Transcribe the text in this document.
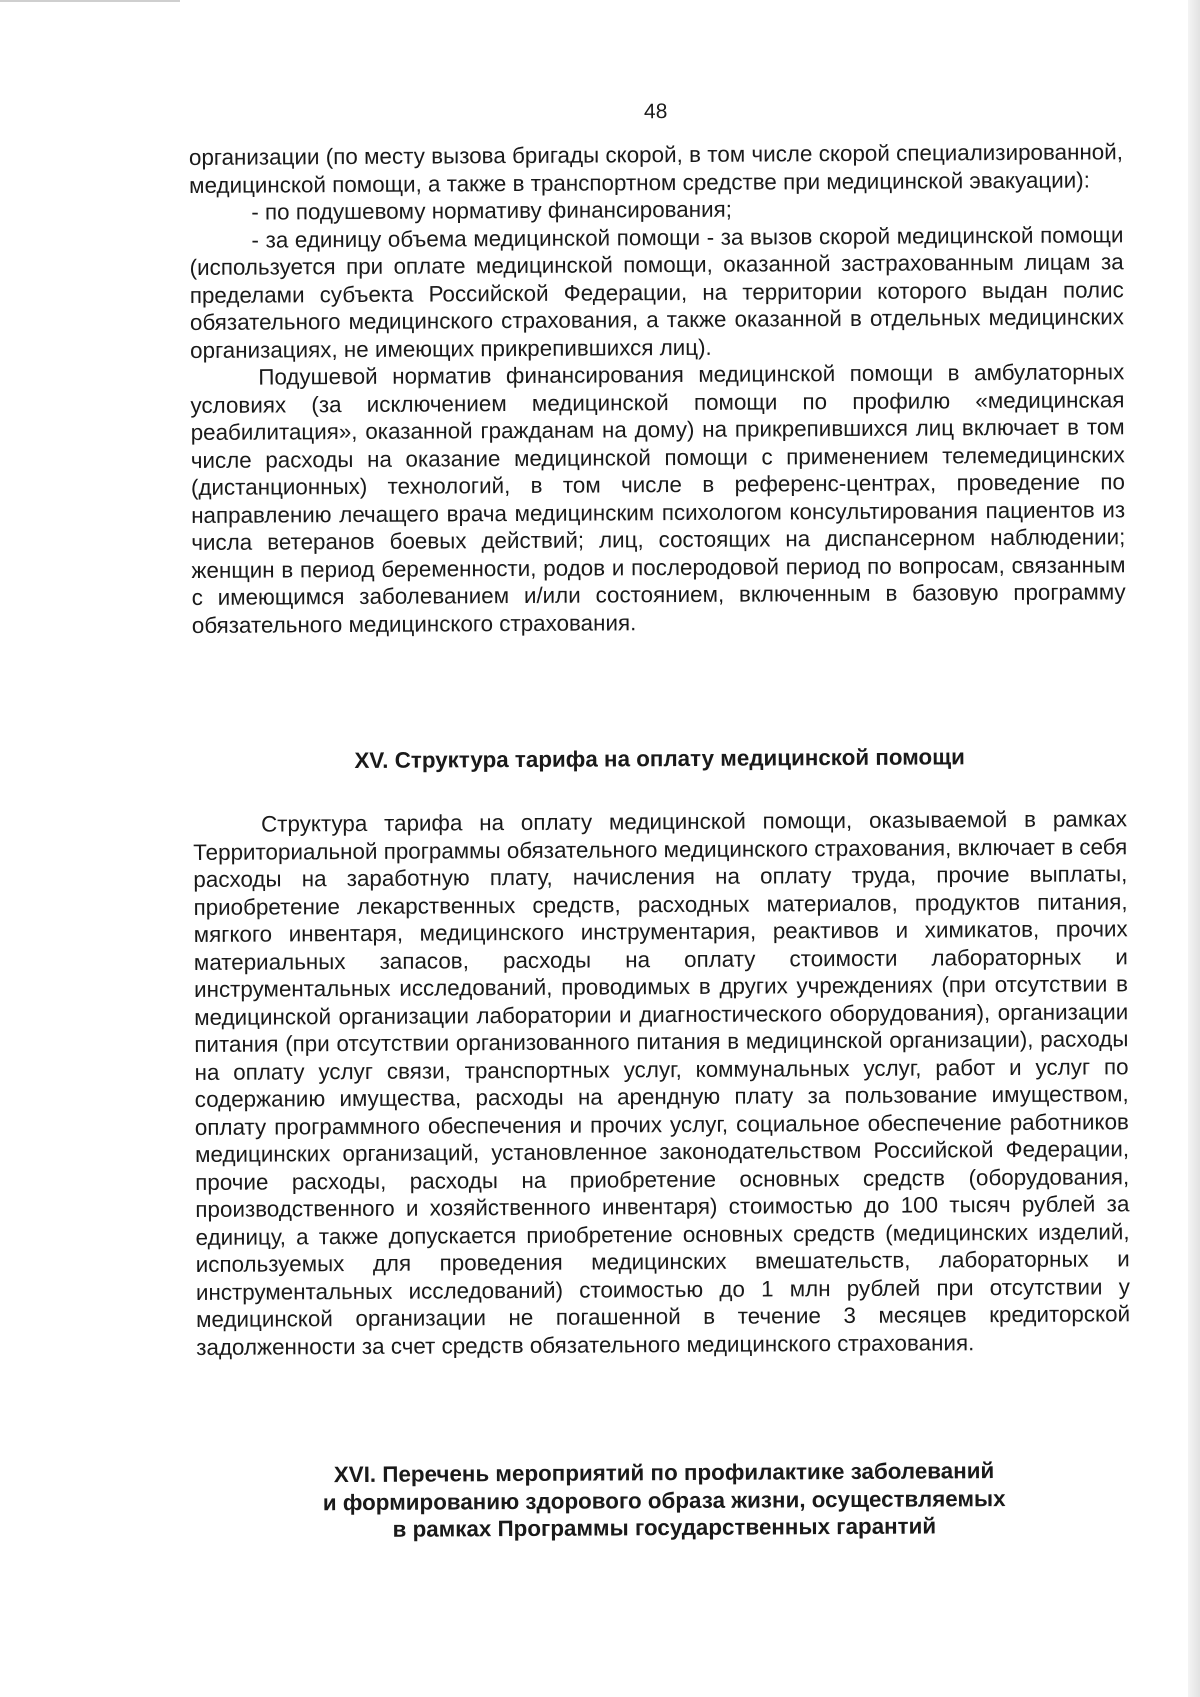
48

организации (по месту вызова бригады скорой, в том числе скорой специализированной, медицинской помощи, а также в транспортном средстве при медицинской эвакуации):

- по подушевому нормативу финансирования;

- за единицу объема медицинской помощи - за вызов скорой медицинской помощи (используется при оплате медицинской помощи, оказанной застрахованным лицам за пределами субъекта Российской Федерации, на территории которого выдан полис обязательного медицинского страхования, а также оказанной в отдельных медицинских организациях, не имеющих прикрепившихся лиц).

Подушевой норматив финансирования медицинской помощи в амбулаторных условиях (за исключением медицинской помощи по профилю «медицинская реабилитация», оказанной гражданам на дому) на прикрепившихся лиц включает в том числе расходы на оказание медицинской помощи с применением телемедицинских (дистанционных) технологий, в том числе в референс-центрах, проведение по направлению лечащего врача медицинским психологом консультирования пациентов из числа ветеранов боевых действий; лиц, состоящих на диспансерном наблюдении; женщин в период беременности, родов и послеродовой период по вопросам, связанным с имеющимся заболеванием и/или состоянием, включенным в базовую программу обязательного медицинского страхования.

XV. Структура тарифа на оплату медицинской помощи

Структура тарифа на оплату медицинской помощи, оказываемой в рамках Территориальной программы обязательного медицинского страхования, включает в себя расходы на заработную плату, начисления на оплату труда, прочие выплаты, приобретение лекарственных средств, расходных материалов, продуктов питания, мягкого инвентаря, медицинского инструментария, реактивов и химикатов, прочих материальных запасов, расходы на оплату стоимости лабораторных и инструментальных исследований, проводимых в других учреждениях (при отсутствии в медицинской организации лаборатории и диагностического оборудования), организации питания (при отсутствии организованного питания в медицинской организации), расходы на оплату услуг связи, транспортных услуг, коммунальных услуг, работ и услуг по содержанию имущества, расходы на арендную плату за пользование имуществом, оплату программного обеспечения и прочих услуг, социальное обеспечение работников медицинских организаций, установленное законодательством Российской Федерации, прочие расходы, расходы на приобретение основных средств (оборудования, производственного и хозяйственного инвентаря) стоимостью до 100 тысяч рублей за единицу, а также допускается приобретение основных средств (медицинских изделий, используемых для проведения медицинских вмешательств, лабораторных и инструментальных исследований) стоимостью до 1 млн рублей при отсутствии у медицинской организации не погашенной в течение 3 месяцев кредиторской задолженности за счет средств обязательного медицинского страхования.

XVI. Перечень мероприятий по профилактике заболеваний
и формированию здорового образа жизни, осуществляемых
в рамках Программы государственных гарантий
